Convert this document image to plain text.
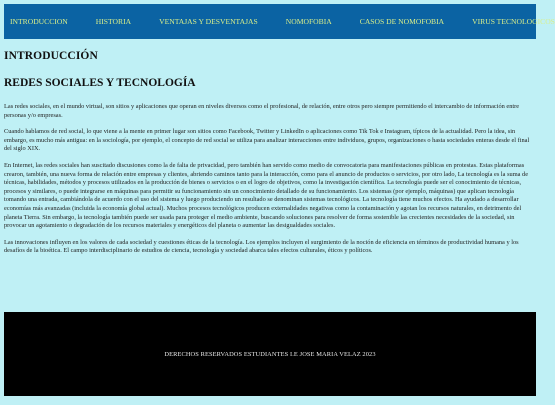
INTRODUCCION	HISTORIA	VENTAJAS Y DESVENTAJAS	NOMOFOBIA	CASOS DE NOMOFOBIA	VIRUS TECNOLOGICOS
INTRODUCCIÓN
REDES SOCIALES Y TECNOLOGÍA

Las redes sociales, en el mundo virtual, son sitios y aplicaciones que operan en niveles diversos como el profesional, de relación, entre otros pero siempre permitiendo el intercambio de información entre personas y/o empresas.

Cuando hablamos de red social, lo que viene a la mente en primer lugar son sitios como Facebook, Twitter y LinkedIn o aplicaciones como Tik Tok e Instagram, típicos de la actualidad. Pero la idea, sin embargo, es mucho más antigua: en la sociología, por ejemplo, el concepto de red social se utiliza para analizar interacciones entre individuos, grupos, organizaciones o hasta sociedades enteras desde el final del siglo XIX.

En Internet, las redes sociales han suscitado discusiones como la de falta de privacidad, pero también han servido como medio de convocatoria para manifestaciones públicas en protestas. Estas plataformas crearon, también, una nueva forma de relación entre empresas y clientes, abriendo caminos tanto para la interacción, como para el anuncio de productos o servicios, por otro lado, La tecnología es la suma de técnicas, habilidades, métodos y procesos utilizados en la producción de bienes o servicios o en el logro de objetivos, como la investigación científica. La tecnología puede ser el conocimiento de técnicas, procesos y similares, o puede integrarse en máquinas para permitir su funcionamiento sin un conocimiento detallado de su funcionamiento. Los sistemas (por ejemplo, máquinas) que aplican tecnología tomando una entrada, cambiándola de acuerdo con el uso del sistema y luego produciendo un resultado se denominan sistemas tecnológicos. La tecnología tiene muchos efectos. Ha ayudado a desarrollar economías más avanzadas (incluida la economía global actual). Muchos procesos tecnológicos producen externalidades negativas como la contaminación y agotan los recursos naturales, en detrimento del planeta Tierra. Sin embargo, la tecnología también puede ser usada para proteger el medio ambiente, buscando soluciones para resolver de forma sostenible las crecientes necesidades de la sociedad, sin provocar un agotamiento o degradación de los recursos materiales y energéticos del planeta o aumentar las desigualdades sociales.

Las innovaciones influyen en los valores de cada sociedad y cuestiones éticas de la tecnología. Los ejemplos incluyen el surgimiento de la noción de eficiencia en términos de productividad humana y los desafíos de la bioética. El campo interdisciplinario de estudios de ciencia, tecnología y sociedad abarca tales efectos culturales, éticos y políticos.

DERECHOS RESERVADOS ESTUDIANTES I.E JOSE MARIA VELAZ 2023
